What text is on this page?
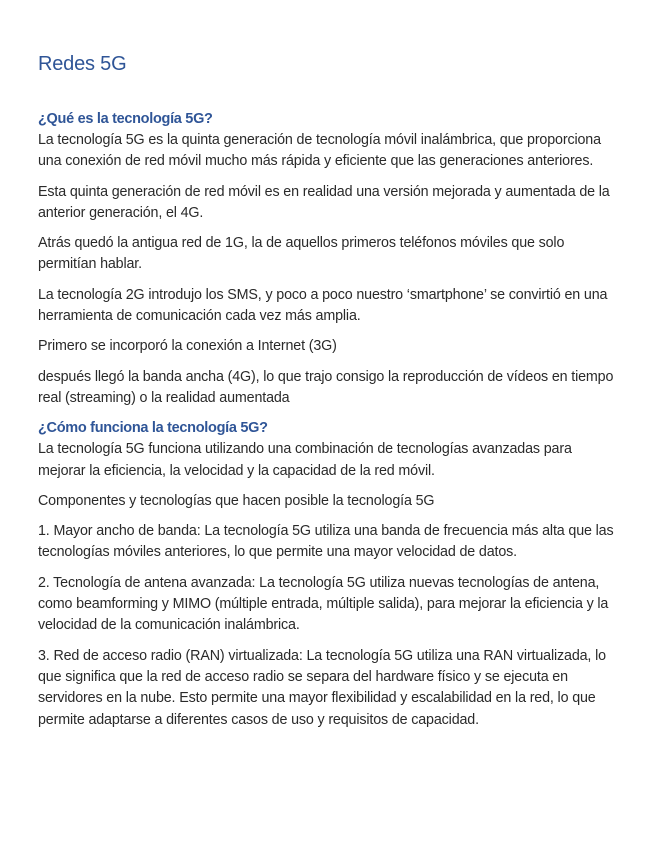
Redes 5G
¿Qué es la tecnología 5G?

La tecnología 5G es la quinta generación de tecnología móvil inalámbrica, que proporciona una conexión de red móvil mucho más rápida y eficiente que las generaciones anteriores.

Esta quinta generación de red móvil es en realidad una versión mejorada y aumentada de la anterior generación, el 4G.

Atrás quedó la antigua red de 1G, la de aquellos primeros teléfonos móviles que solo permitían hablar.

La tecnología 2G introdujo los SMS, y poco a poco nuestro ‘smartphone’ se convirtió en una herramienta de comunicación cada vez más amplia.

Primero se incorporó la conexión a Internet (3G)

después llegó la banda ancha (4G), lo que trajo consigo la reproducción de vídeos en tiempo real (streaming) o la realidad aumentada

¿Cómo funciona la tecnología 5G?

La tecnología 5G funciona utilizando una combinación de tecnologías avanzadas para mejorar la eficiencia, la velocidad y la capacidad de la red móvil.

Componentes y tecnologías que hacen posible la tecnología 5G

1. Mayor ancho de banda: La tecnología 5G utiliza una banda de frecuencia más alta que las tecnologías móviles anteriores, lo que permite una mayor velocidad de datos.

2. Tecnología de antena avanzada: La tecnología 5G utiliza nuevas tecnologías de antena, como beamforming y MIMO (múltiple entrada, múltiple salida), para mejorar la eficiencia y la velocidad de la comunicación inalámbrica.

3. Red de acceso radio (RAN) virtualizada: La tecnología 5G utiliza una RAN virtualizada, lo que significa que la red de acceso radio se separa del hardware físico y se ejecuta en servidores en la nube. Esto permite una mayor flexibilidad y escalabilidad en la red, lo que permite adaptarse a diferentes casos de uso y requisitos de capacidad.
